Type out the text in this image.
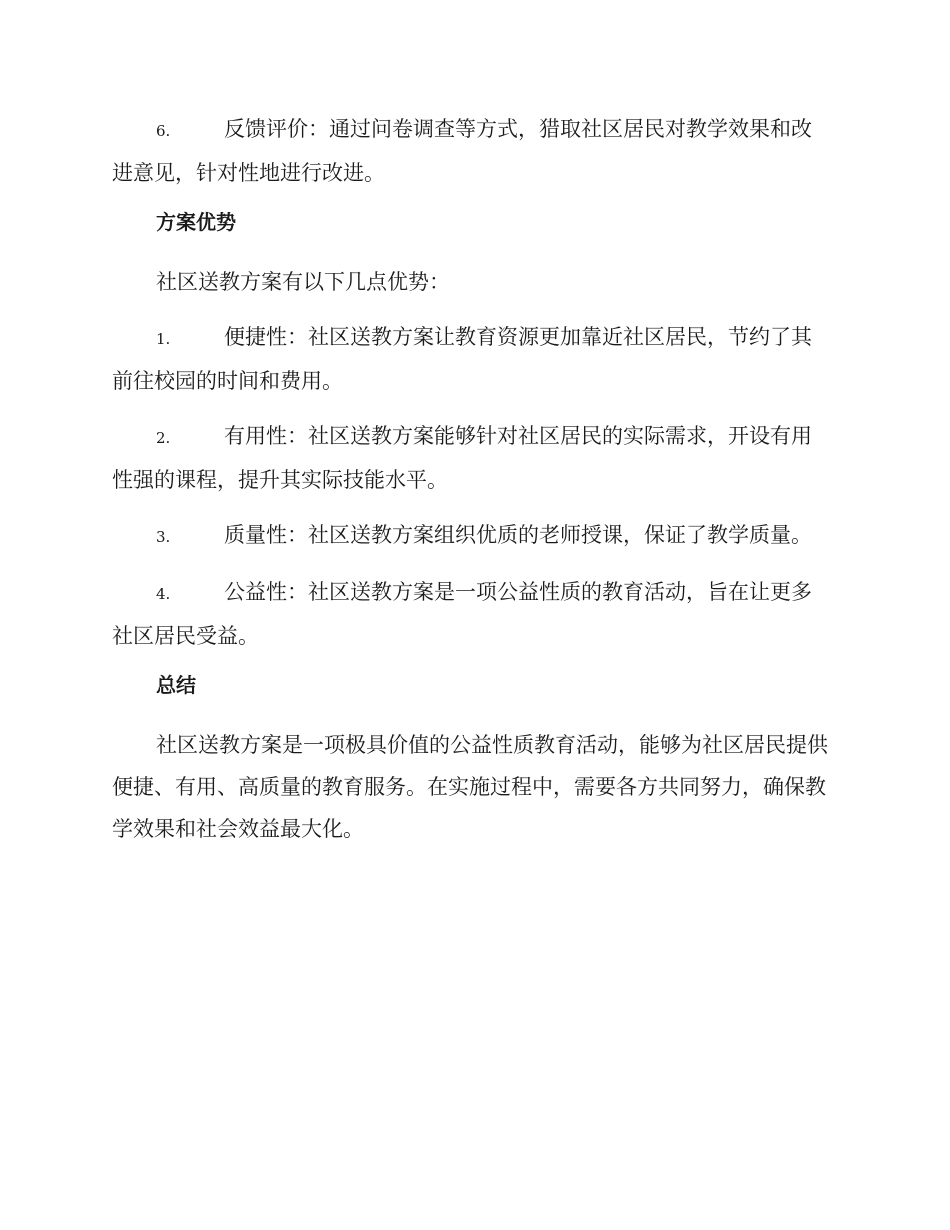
6.	反馈评价：通过问卷调查等方式，猎取社区居民对教学效果和改进意见，针对性地进行改进。

方案优势

社区送教方案有以下几点优势：

1.	便捷性：社区送教方案让教育资源更加靠近社区居民，节约了其前往校园的时间和费用。

2.	有用性：社区送教方案能够针对社区居民的实际需求，开设有用性强的课程，提升其实际技能水平。

3.	质量性：社区送教方案组织优质的老师授课，保证了教学质量。

4.	公益性：社区送教方案是一项公益性质的教育活动，旨在让更多社区居民受益。

总结

社区送教方案是一项极具价值的公益性质教育活动，能够为社区居民提供便捷、有用、高质量的教育服务。在实施过程中，需要各方共同努力，确保教学效果和社会效益最大化。
